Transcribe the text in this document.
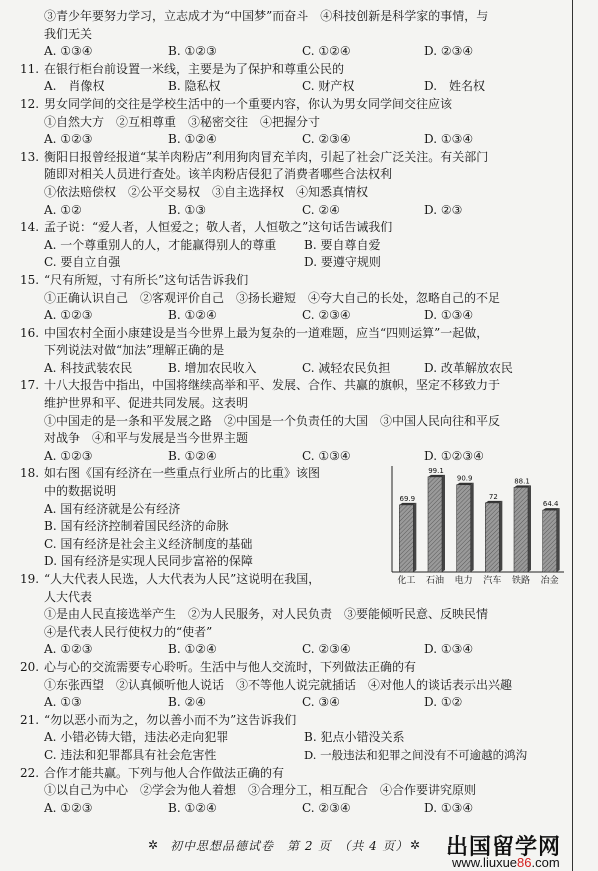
③青少年要努力学习，立志成才为“中国梦”而奋斗　④科技创新是科学家的事情，与
我们无关
A. ①③④	B. ①②③	C. ①②④	D. ②③④
11. 在银行柜台前设置一米线，主要是为了保护和尊重公民的
A.　肖像权	B. 隐私权	C. 财产权	D.　姓名权
12. 男女同学间的交往是学校生活中的一个重要内容，你认为男女同学间交往应该
①自然大方　②互相尊重　③秘密交往　④把握分寸
A. ①②③	B. ①②④	C. ②③④	D. ①③④
13. 衡阳日报曾经报道“某羊肉粉店”利用狗肉冒充羊肉，引起了社会广泛关注。有关部门
随即对相关人员进行查处。该羊肉粉店侵犯了消费者哪些合法权利
①依法赔偿权　②公平交易权　③自主选择权　④知悉真情权
A. ①②	B. ①③	C. ②④	D. ②③
14. 孟子说：“爱人者，人恒爱之；敬人者，人恒敬之”这句话告诫我们
A. 一个尊重别人的人，才能赢得别人的尊重 B. 要自尊自爱
C. 要自立自强	D. 要遵守规则
15. “尺有所短，寸有所长”这句话告诉我们
①正确认识自己　②客观评价自己　③扬长避短　④夸大自己的长处，忽略自己的不足
A. ①②③	B. ①②④	C. ②③④	D. ①③④
16. 中国农村全面小康建设是当今世界上最为复杂的一道难题，应当“四则运算”一起做，
下列说法对做“加法”理解正确的是
A. 科技武装农民	B. 增加农民收入	C. 减轻农民负担	D. 改革解放农民
17. 十八大报告中指出，中国将继续高举和平、发展、合作、共赢的旗帜，坚定不移致力于
维护世界和平、促进共同发展。这表明
①中国走的是一条和平发展之路　②中国是一个负责任的大国　③中国人民向往和平反
对战争　④和平与发展是当今世界主题
A. ①②③	B. ①②④	C. ①③④	D. ①②③④
18. 如右图《国有经济在一些重点行业所占的比重》该图
中的数据说明
A. 国有经济就是公有经济
B. 国有经济控制着国民经济的命脉
C. 国有经济是社会主义经济制度的基础
D. 国有经济是实现人民同步富裕的保障
19. “人大代表人民选，人大代表为人民”这说明在我国，
人大代表
①是由人民直接选举产生　②为人民服务，对人民负责　③要能倾听民意、反映民情
④是代表人民行使权力的“使者”
A. ①②③	B. ①②④	C. ②③④	D. ①③④
20. 心与心的交流需要专心聆听。生活中与他人交流时，下列做法正确的有
①东张西望　②认真倾听他人说话　③不等他人说完就插话　④对他人的谈话表示出兴趣
A. ①③	B. ②④	C. ③④	D. ①②
21. “勿以恶小而为之，勿以善小而不为”这告诉我们
A. 小错必铸大错，违法必走向犯罪	B. 犯点小错没关系
C. 违法和犯罪都具有社会危害性	D. 一般违法和犯罪之间没有不可逾越的鸿沟
22. 合作才能共赢。下列与他人合作做法正确的有
①以自己为中心　②学会为他人着想　③合理分工，相互配合　④合作要讲究原则
A. ①②③	B. ①②④	C. ②③④	D. ①③④
69.9
化工
99.1
石油
90.9
电力
72
汽车
88.1
铁路
64.4
冶金
✲ 初中思想品德试卷　第 2 页　（共 4 页） ✲ 出国留学网
www.liuxue86.com
